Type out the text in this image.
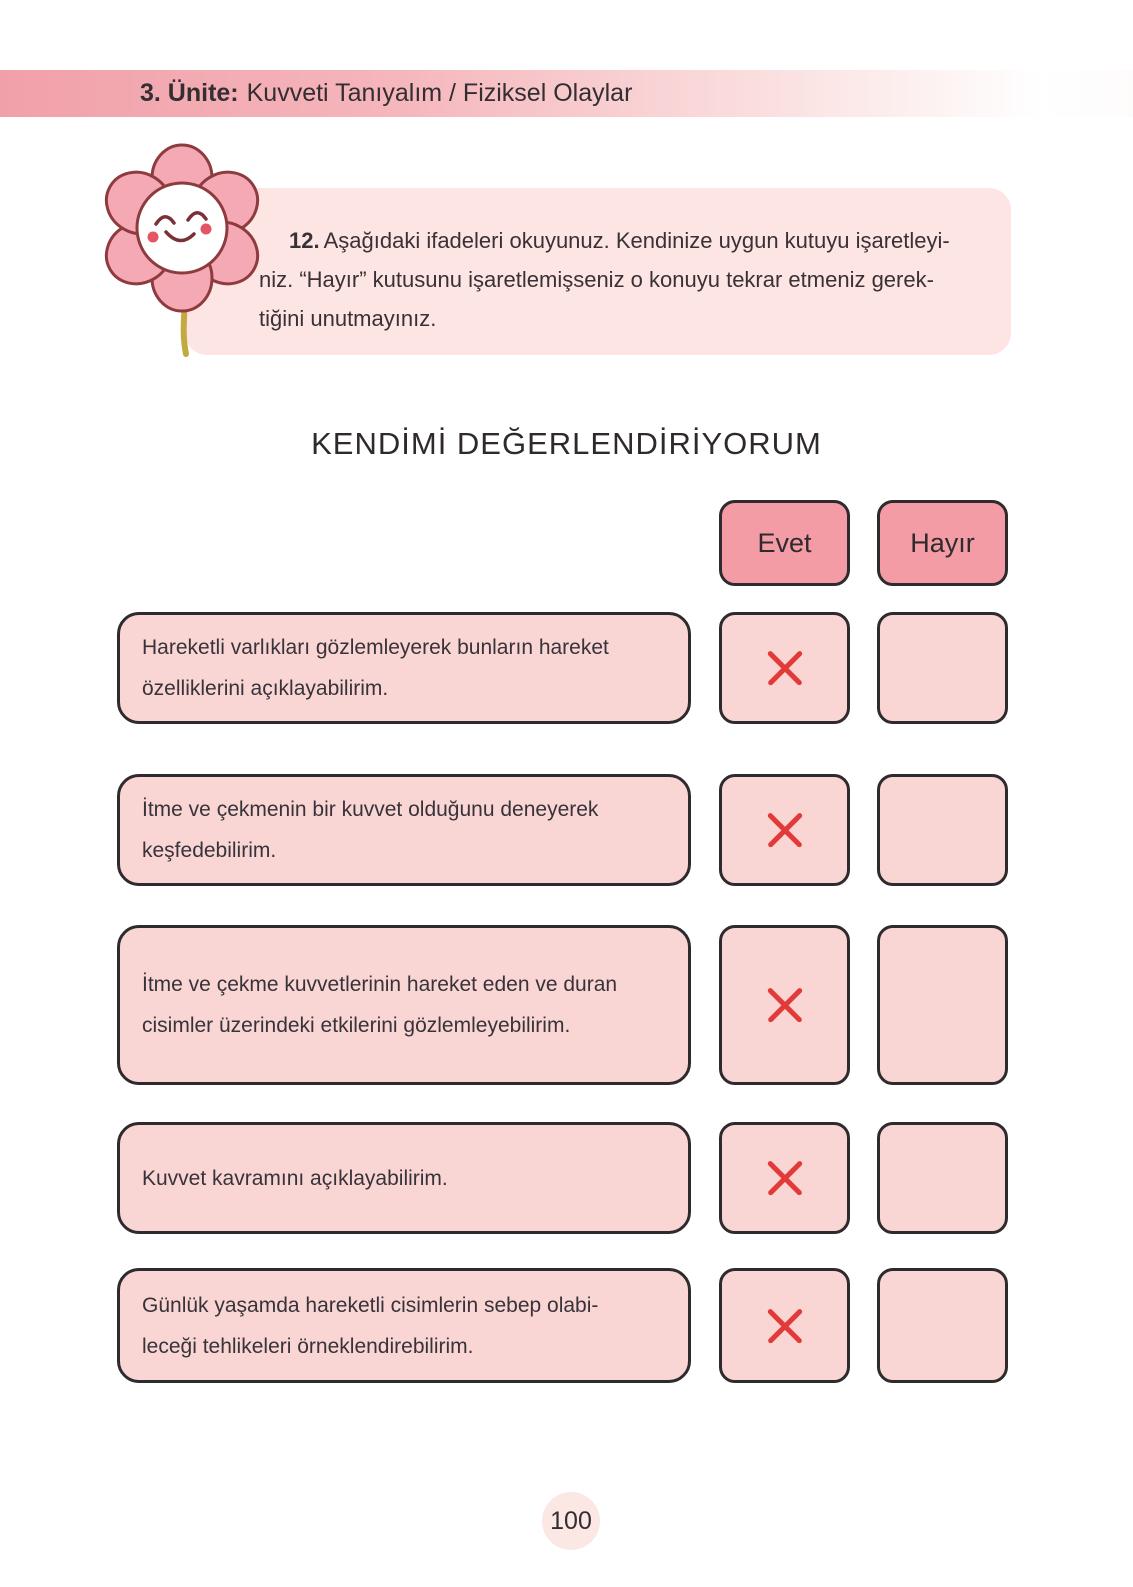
3. Ünite: Kuvveti Tanıyalım / Fiziksel Olaylar
12. Aşağıdaki ifadeleri okuyunuz. Kendinize uygun kutuyu işaretleyi-
niz. “Hayır” kutusunu işaretlemişseniz o konuyu tekrar etmeniz gerek-
tiğini unutmayınız.
KENDİMİ DEĞERLENDİRİYORUM
Evet	Hayır
Hareketli varlıkları gözlemleyerek bunların hareket
özelliklerini açıklayabilirim.
İtme ve çekmenin bir kuvvet olduğunu deneyerek
keşfedebilirim.
İtme ve çekme kuvvetlerinin hareket eden ve duran
cisimler üzerindeki etkilerini gözlemleyebilirim.
Kuvvet kavramını açıklayabilirim.
Günlük yaşamda hareketli cisimlerin sebep olabi-
leceği tehlikeleri örneklendirebilirim.
100
